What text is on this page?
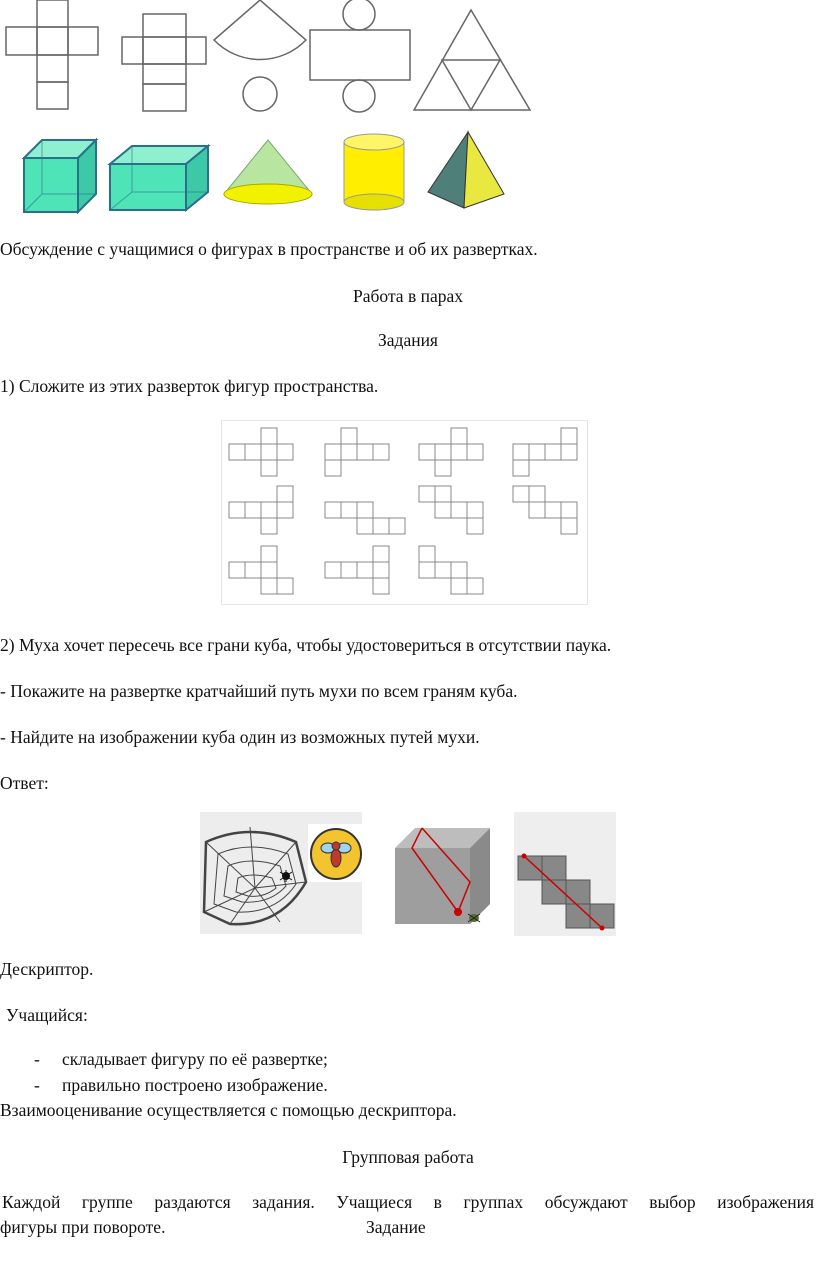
Обсуждение с учащимися о фигурах в пространстве и об их развертках.
Работа в парах
Задания
1) Сложите из этих разверток фигур пространства.
2) Муха хочет пересечь все грани куба, чтобы удостовериться в отсутствии паука.
- Покажите на развертке кратчайший путь мухи по всем граням куба.
- Найдите на изображении куба один из возможных путей мухи.
Ответ:
Дескриптор.
Учащийся:
- складывает фигуру по её развертке;
- правильно построено изображение.
Взаимооценивание осуществляется с помощью дескриптора.
Групповая работа
Каждой группе раздаются задания. Учащиеся в группах обсуждают выбор изображения
фигуры при повороте.	Задание
